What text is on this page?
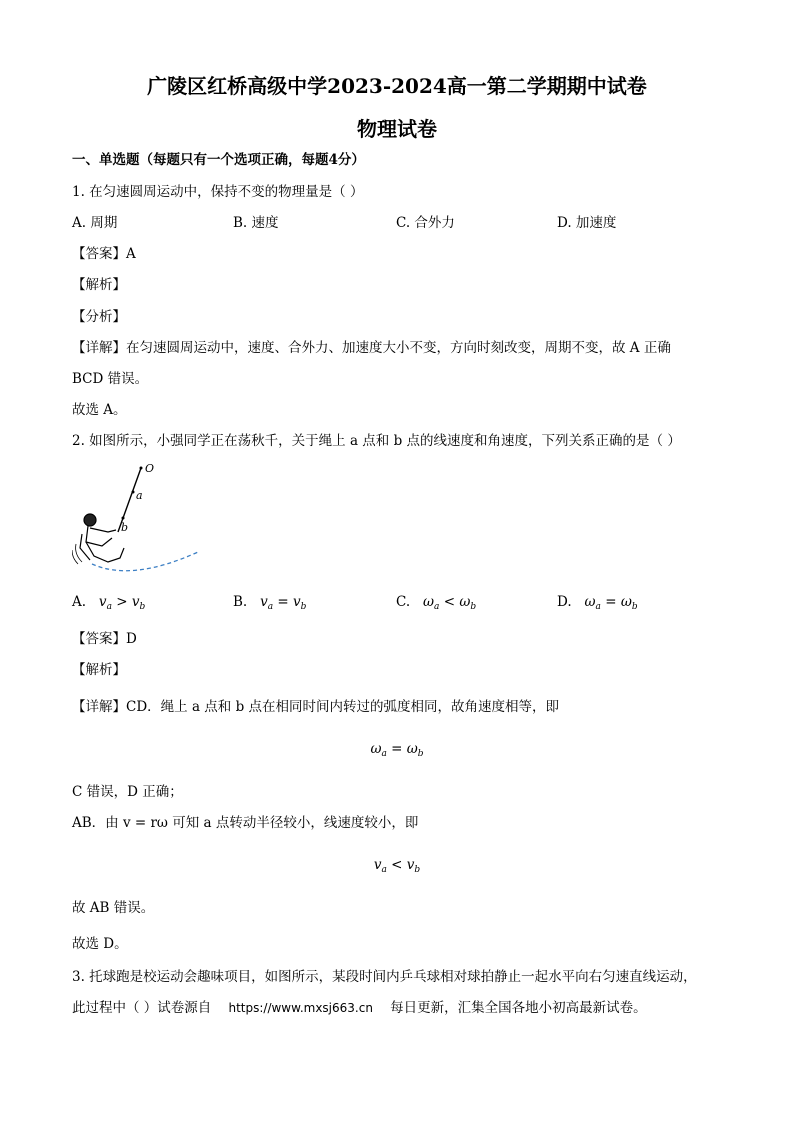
广陵区红桥高级中学2023-2024高一第二学期期中试卷
物理试卷
一、单选题（每题只有一个选项正确，每题4分）
1. 在匀速圆周运动中，保持不变的物理量是（ ）
A. 周期	B. 速度	C. 合外力	D. 加速度
【答案】A
【解析】
【分析】
【详解】在匀速圆周运动中，速度、合外力、加速度大小不变，方向时刻改变，周期不变，故 A 正确
BCD 错误。
故选 A。
2. 如图所示，小强同学正在荡秋千，关于绳上 a 点和 b 点的线速度和角速度，下列关系正确的是（ ）
O
a
b
A. $v_a > v_b$	B. $v_a = v_b$	C. $\omega_a < \omega_b$	D. $\omega_a = \omega_b$
【答案】D
【解析】
【详解】CD．绳上 a 点和 b 点在相同时间内转过的弧度相同，故角速度相等，即
$\omega_a = \omega_b$
C 错误，D 正确；
AB．由 v = rω 可知 a 点转动半径较小，线速度较小，即
$v_a < v_b$
故 AB 错误。
故选 D。
3. 托球跑是校运动会趣味项目，如图所示，某段时间内乒乓球相对球拍静止一起水平向右匀速直线运动，
此过程中（ ）试卷源自 https://www.mxsj663.cn 每日更新，汇集全国各地小初高最新试卷。
